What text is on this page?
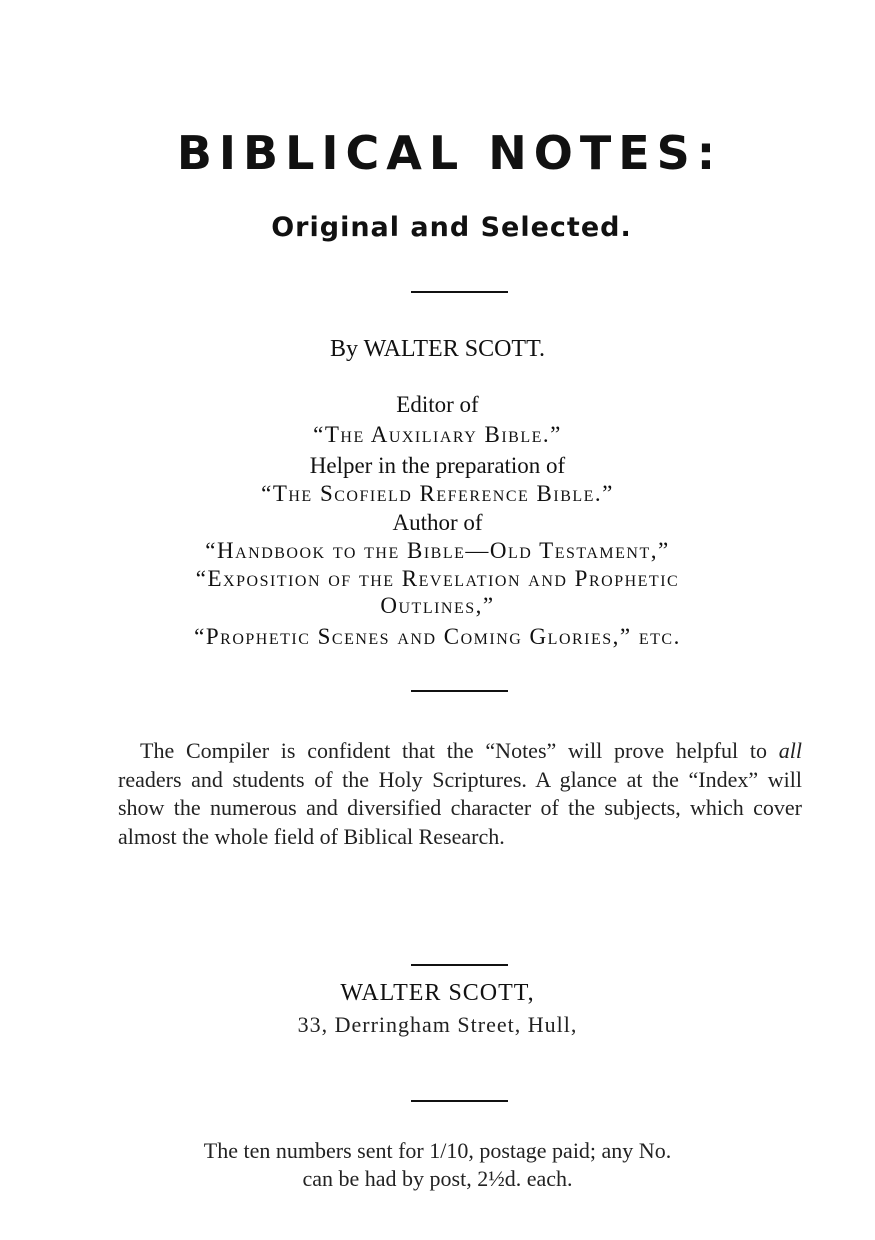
BIBLICAL NOTES:
Original and Selected.
By WALTER SCOTT.
Editor of
“The Auxiliary Bible.”
Helper in the preparation of
“The Scofield Reference Bible.”
Author of
“Handbook to the Bible—Old Testament,”
“Exposition of the Revelation and Prophetic
Outlines,”
“Prophetic Scenes and Coming Glories,” etc.
 The Compiler is confident that the “Notes” will prove helpful to all readers and students of the Holy Scriptures. A glance at the “Index” will show the numerous and diversified character of the subjects, which cover almost the whole field of Biblical Research.
WALTER SCOTT,
33, Derringham Street, Hull,
The ten numbers sent for 1/10, postage paid; any No.
can be had by post, 2½d. each.
